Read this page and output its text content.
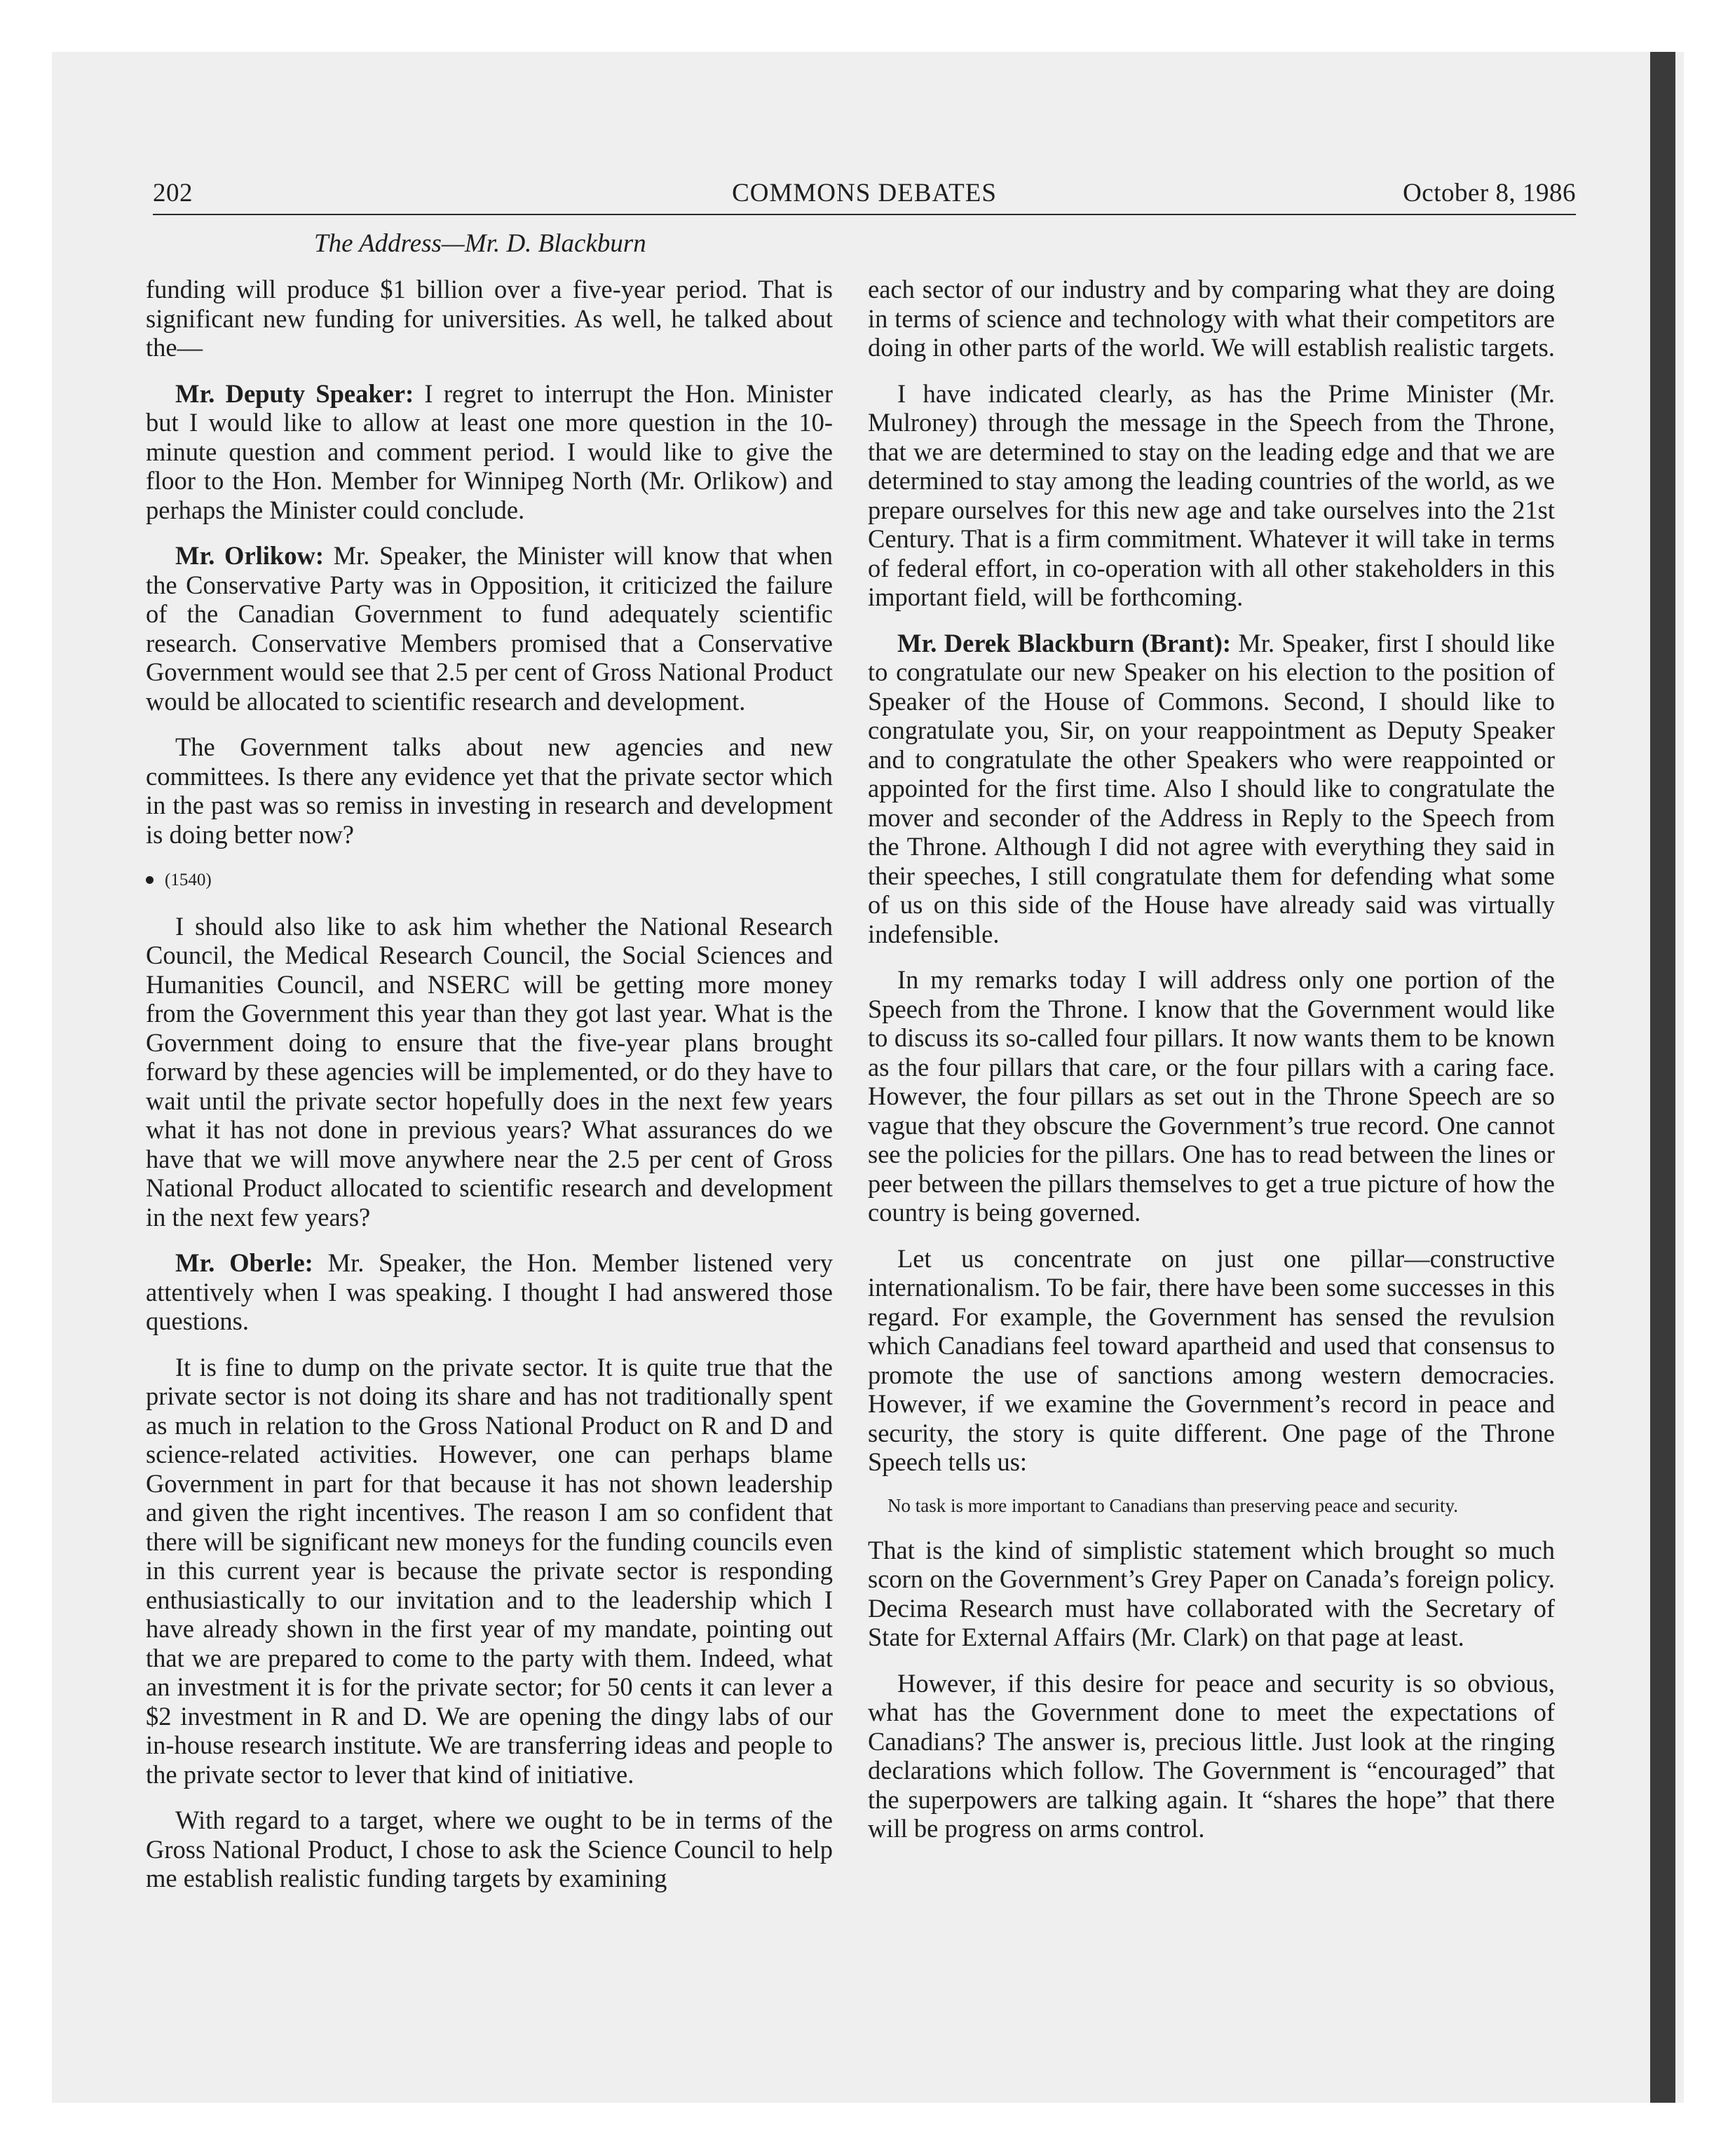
COMMONS DEBATES
202	October 8, 1986
The Address—Mr. D. Blackburn

funding will produce $1 billion over a five-year period. That is significant new funding for universities. As well, he talked about the—

Mr. Deputy Speaker: I regret to interrupt the Hon. Minister but I would like to allow at least one more question in the 10-minute question and comment period. I would like to give the floor to the Hon. Member for Winnipeg North (Mr. Orlikow) and perhaps the Minister could conclude.

Mr. Orlikow: Mr. Speaker, the Minister will know that when the Conservative Party was in Opposition, it criticized the failure of the Canadian Government to fund adequately scientific research. Conservative Members promised that a Conservative Government would see that 2.5 per cent of Gross National Product would be allocated to scientific research and development.

The Government talks about new agencies and new committees. Is there any evidence yet that the private sector which in the past was so remiss in investing in research and development is doing better now?

(1540)

I should also like to ask him whether the National Research Council, the Medical Research Council, the Social Sciences and Humanities Council, and NSERC will be getting more money from the Government this year than they got last year. What is the Government doing to ensure that the five-year plans brought forward by these agencies will be implemented, or do they have to wait until the private sector hopefully does in the next few years what it has not done in previous years? What assurances do we have that we will move anywhere near the 2.5 per cent of Gross National Product allocated to scientific research and development in the next few years?

Mr. Oberle: Mr. Speaker, the Hon. Member listened very attentively when I was speaking. I thought I had answered those questions.

It is fine to dump on the private sector. It is quite true that the private sector is not doing its share and has not traditionally spent as much in relation to the Gross National Product on R and D and science-related activities. However, one can perhaps blame Government in part for that because it has not shown leadership and given the right incentives. The reason I am so confident that there will be significant new moneys for the funding councils even in this current year is because the private sector is responding enthusiastically to our invitation and to the leadership which I have already shown in the first year of my mandate, pointing out that we are prepared to come to the party with them. Indeed, what an investment it is for the private sector; for 50 cents it can lever a $2 investment in R and D. We are opening the dingy labs of our in-house research institute. We are transferring ideas and people to the private sector to lever that kind of initiative.

With regard to a target, where we ought to be in terms of the Gross National Product, I chose to ask the Science Council to help me establish realistic funding targets by examining

each sector of our industry and by comparing what they are doing in terms of science and technology with what their competitors are doing in other parts of the world. We will establish realistic targets.

I have indicated clearly, as has the Prime Minister (Mr. Mulroney) through the message in the Speech from the Throne, that we are determined to stay on the leading edge and that we are determined to stay among the leading countries of the world, as we prepare ourselves for this new age and take ourselves into the 21st Century. That is a firm commitment. Whatever it will take in terms of federal effort, in co-operation with all other stakeholders in this important field, will be forthcoming.

Mr. Derek Blackburn (Brant): Mr. Speaker, first I should like to congratulate our new Speaker on his election to the position of Speaker of the House of Commons. Second, I should like to congratulate you, Sir, on your reappointment as Deputy Speaker and to congratulate the other Speakers who were reappointed or appointed for the first time. Also I should like to congratulate the mover and seconder of the Address in Reply to the Speech from the Throne. Although I did not agree with everything they said in their speeches, I still congratulate them for defending what some of us on this side of the House have already said was virtually indefensible.

In my remarks today I will address only one portion of the Speech from the Throne. I know that the Government would like to discuss its so-called four pillars. It now wants them to be known as the four pillars that care, or the four pillars with a caring face. However, the four pillars as set out in the Throne Speech are so vague that they obscure the Government’s true record. One cannot see the policies for the pillars. One has to read between the lines or peer between the pillars themselves to get a true picture of how the country is being governed.

Let us concentrate on just one pillar—constructive internationalism. To be fair, there have been some successes in this regard. For example, the Government has sensed the revulsion which Canadians feel toward apartheid and used that consensus to promote the use of sanctions among western democracies. However, if we examine the Government’s record in peace and security, the story is quite different. One page of the Throne Speech tells us:

No task is more important to Canadians than preserving peace and security.

That is the kind of simplistic statement which brought so much scorn on the Government’s Grey Paper on Canada’s foreign policy. Decima Research must have collaborated with the Secretary of State for External Affairs (Mr. Clark) on that page at least.

However, if this desire for peace and security is so obvious, what has the Government done to meet the expectations of Canadians? The answer is, precious little. Just look at the ringing declarations which follow. The Government is “encouraged” that the superpowers are talking again. It “shares the hope” that there will be progress on arms control.
